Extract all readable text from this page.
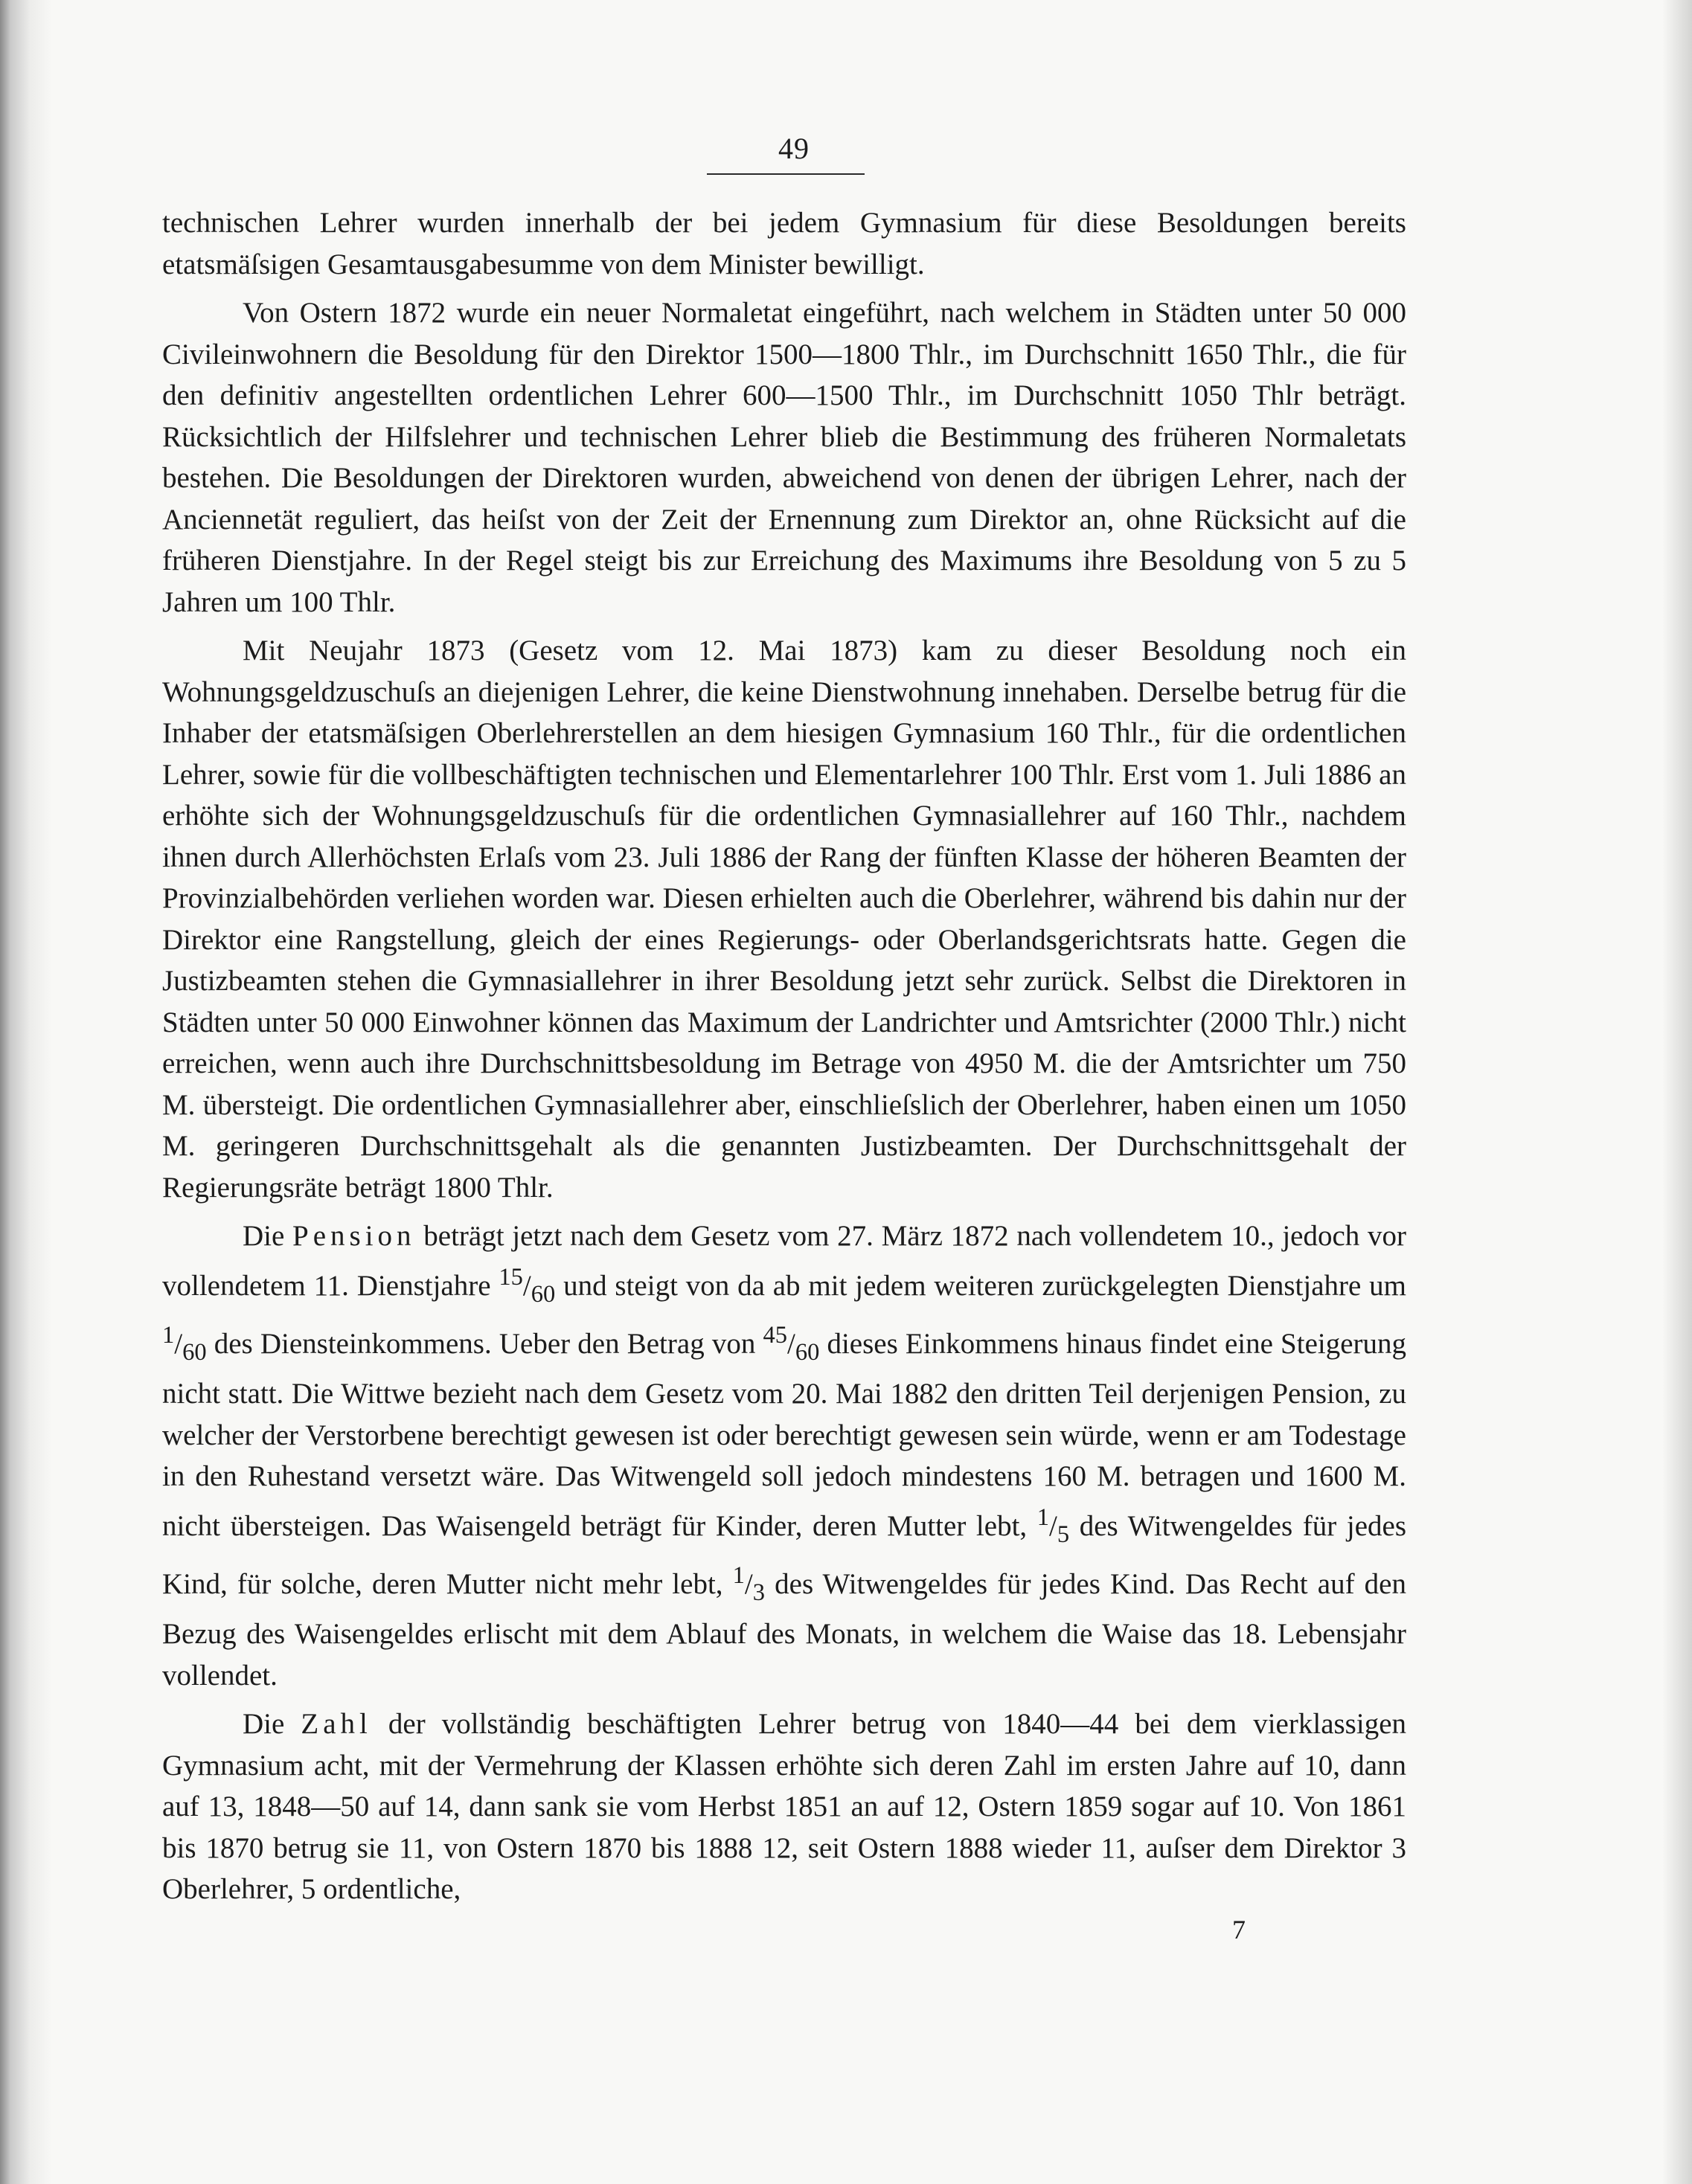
49

technischen Lehrer wurden innerhalb der bei jedem Gymnasium für diese Besoldungen bereits etatsmäſsigen Gesamtausgabesumme von dem Minister bewilligt.

Von Ostern 1872 wurde ein neuer Normaletat eingeführt, nach welchem in Städten unter 50 000 Civileinwohnern die Besoldung für den Direktor 1500—1800 Thlr., im Durchschnitt 1650 Thlr., die für den definitiv angestellten ordentlichen Lehrer 600—1500 Thlr., im Durchschnitt 1050 Thlr beträgt. Rücksichtlich der Hilfslehrer und technischen Lehrer blieb die Bestimmung des früheren Normaletats bestehen. Die Besoldungen der Direktoren wurden, abweichend von denen der übrigen Lehrer, nach der Anciennetät reguliert, das heiſst von der Zeit der Ernennung zum Direktor an, ohne Rücksicht auf die früheren Dienstjahre. In der Regel steigt bis zur Erreichung des Maximums ihre Besoldung von 5 zu 5 Jahren um 100 Thlr.

Mit Neujahr 1873 (Gesetz vom 12. Mai 1873) kam zu dieser Besoldung noch ein Wohnungsgeldzuschuſs an diejenigen Lehrer, die keine Dienstwohnung innehaben. Derselbe betrug für die Inhaber der etatsmäſsigen Oberlehrerstellen an dem hiesigen Gymnasium 160 Thlr., für die ordentlichen Lehrer, sowie für die vollbeschäftigten technischen und Elementarlehrer 100 Thlr. Erst vom 1. Juli 1886 an erhöhte sich der Wohnungsgeldzuschuſs für die ordentlichen Gymnasiallehrer auf 160 Thlr., nachdem ihnen durch Allerhöchsten Erlaſs vom 23. Juli 1886 der Rang der fünften Klasse der höheren Beamten der Provinzialbehörden verliehen worden war. Diesen erhielten auch die Oberlehrer, während bis dahin nur der Direktor eine Rangstellung, gleich der eines Regierungs- oder Oberlandsgerichtsrats hatte. Gegen die Justizbeamten stehen die Gymnasiallehrer in ihrer Besoldung jetzt sehr zurück. Selbst die Direktoren in Städten unter 50 000 Einwohner können das Maximum der Landrichter und Amtsrichter (2000 Thlr.) nicht erreichen, wenn auch ihre Durchschnittsbesoldung im Betrage von 4950 M. die der Amtsrichter um 750 M. übersteigt. Die ordentlichen Gymnasiallehrer aber, einschlieſslich der Oberlehrer, haben einen um 1050 M. geringeren Durchschnittsgehalt als die genannten Justizbeamten. Der Durchschnittsgehalt der Regierungsräte beträgt 1800 Thlr.

Die Pension beträgt jetzt nach dem Gesetz vom 27. März 1872 nach vollendetem 10., jedoch vor vollendetem 11. Dienstjahre $^{15}/_{60}$ und steigt von da ab mit jedem weiteren zurückgelegten Dienstjahre um $^1/_{60}$ des Diensteinkommens. Ueber den Betrag von $^{45}/_{60}$ dieses Einkommens hinaus findet eine Steigerung nicht statt. Die Wittwe bezieht nach dem Gesetz vom 20. Mai 1882 den dritten Teil derjenigen Pension, zu welcher der Verstorbene berechtigt gewesen ist oder berechtigt gewesen sein würde, wenn er am Todestage in den Ruhestand versetzt wäre. Das Witwengeld soll jedoch mindestens 160 M. betragen und 1600 M. nicht übersteigen. Das Waisengeld beträgt für Kinder, deren Mutter lebt, $^1/_5$ des Witwengeldes für jedes Kind, für solche, deren Mutter nicht mehr lebt, $^1/_3$ des Witwengeldes für jedes Kind. Das Recht auf den Bezug des Waisengeldes erlischt mit dem Ablauf des Monats, in welchem die Waise das 18. Lebensjahr vollendet.

Die Zahl der vollständig beschäftigten Lehrer betrug von 1840—44 bei dem vierklassigen Gymnasium acht, mit der Vermehrung der Klassen erhöhte sich deren Zahl im ersten Jahre auf 10, dann auf 13, 1848—50 auf 14, dann sank sie vom Herbst 1851 an auf 12, Ostern 1859 sogar auf 10. Von 1861 bis 1870 betrug sie 11, von Ostern 1870 bis 1888 12, seit Ostern 1888 wieder 11, auſser dem Direktor 3 Oberlehrer, 5 ordentliche,

7
